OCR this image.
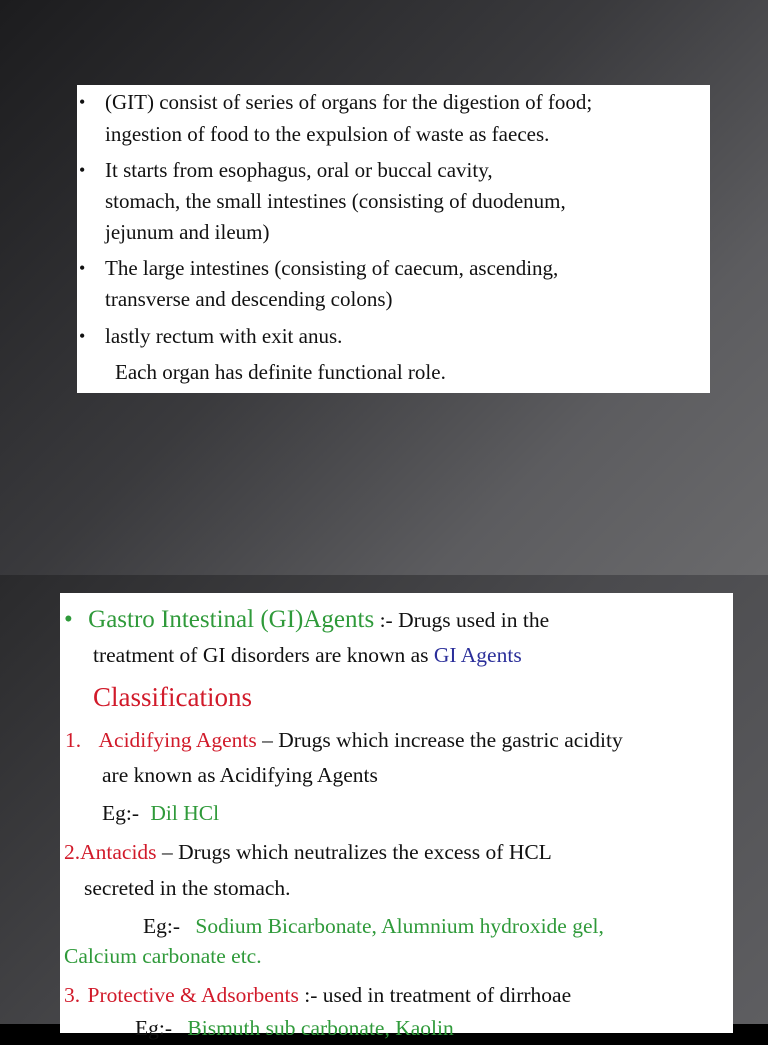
• (GIT) consist of series of organs for the digestion of food;
ingestion of food to the expulsion of waste as faeces.
• It starts from esophagus, oral or buccal cavity,
stomach, the small intestines (consisting of duodenum,
jejunum and ileum)
• The large intestines (consisting of caecum, ascending,
transverse and descending colons)
• lastly rectum with exit anus.
Each organ has definite functional role.
• Gastro Intestinal (GI)Agents :- Drugs used in the
treatment of GI disorders are known as GI Agents
Classifications
1. Acidifying Agents – Drugs which increase the gastric acidity
are known as Acidifying Agents
Eg:- Dil HCl
2.Antacids – Drugs which neutralizes the excess of HCL
secreted in the stomach.
Eg:- Sodium Bicarbonate, Alumnium hydroxide gel,
Calcium carbonate etc.
3. Protective & Adsorbents :- used in treatment of dirrhoae
Eg:- Bismuth sub carbonate, Kaolin
